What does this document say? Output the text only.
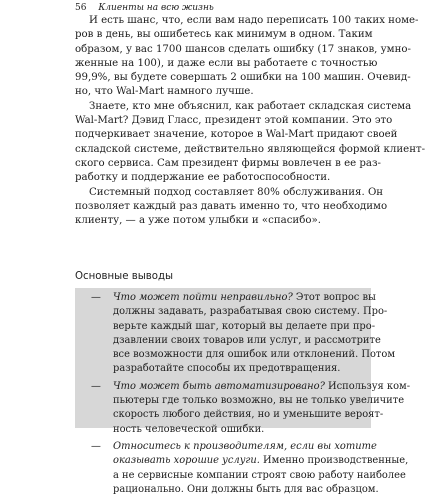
56 Клиенты на всю жизнь
И есть шанс, что, если вам надо переписать 100 таких номе-
ров в день, вы ошибетесь как минимум в одном. Таким
образом, у вас 1700 шансов сделать ошибку (17 знаков, умно-
женные на 100), и даже если вы работаете с точностью
99,9%, вы будете совершать 2 ошибки на 100 машин. Очевид-
но, что Wal-Mart намного лучше.
Знаете, кто мне объяснил, как работает складская система
Wal-Mart? Дэвид Гласс, президент этой компании. Это это
подчеркивает значение, которое в Wal-Mart придают своей
складской системе, действительно являющейся формой клиент-
ского сервиса. Сам президент фирмы вовлечен в ее раз-
работку и поддержание ее работоспособности.
Системный подход составляет 80% обслуживания. Он
позволяет каждый раз давать именно то, что необходимо
клиенту, — а уже потом улыбки и «спасибо».
Основные выводы
— Что может пойти неправильно? Этот вопрос вы
должны задавать, разрабатывая свою систему. Про-
верьте каждый шаг, который вы делаете при про-
дзавлении своих товаров или услуг, и рассмотрите
все возможности для ошибок или отклонений. Потом
разработайте способы их предотвращения.
— Что может быть автоматизировано? Используя ком-
пьютеры где только возможно, вы не только увеличите
скорость любого действия, но и уменьшите вероят-
ность человеческой ошибки.
— Относитесь к производителям, если вы хотите
оказывать хорошие услуги. Именно производственные,
а не сервисные компании строят свою работу наиболее
рационально. Они должны быть для вас образцом.
